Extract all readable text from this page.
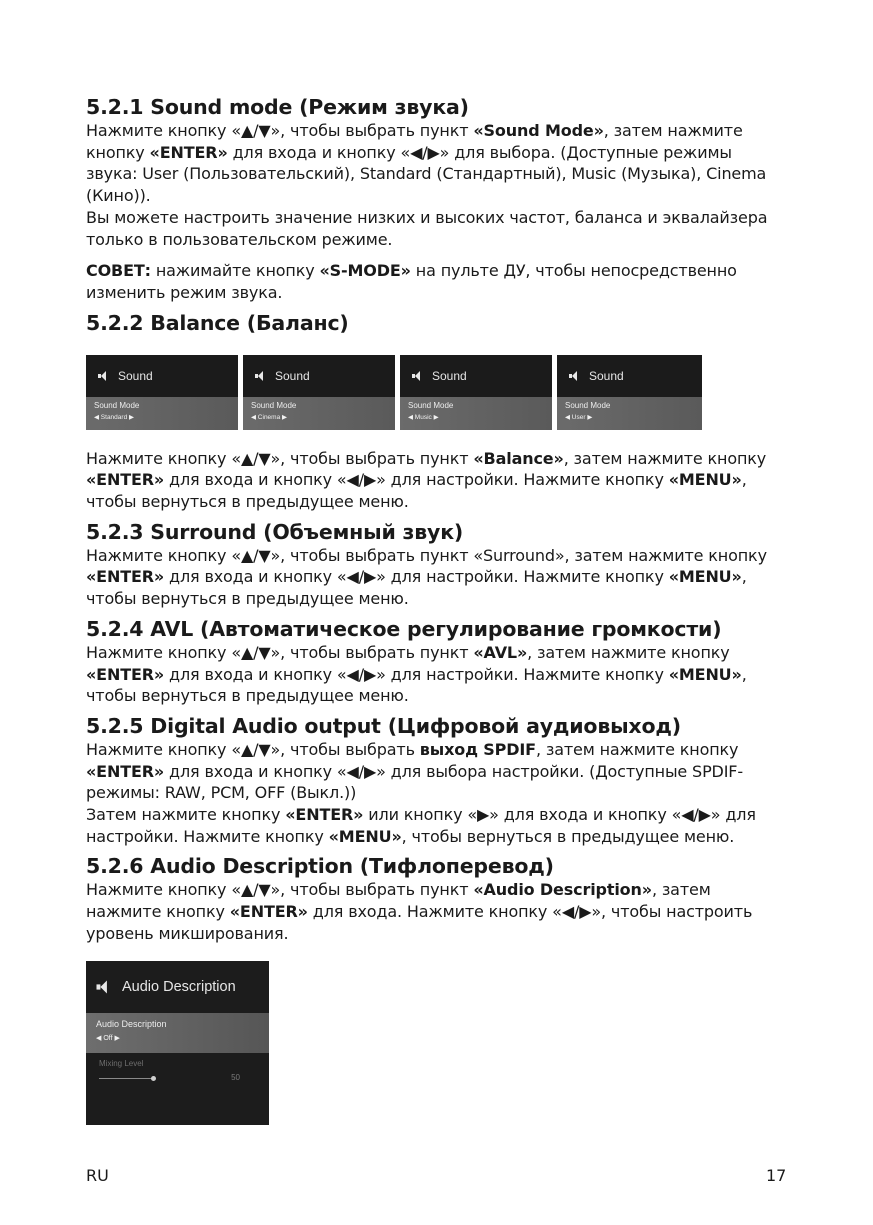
5.2.1 Sound mode (Режим звука)

Нажмите кнопку «▲/▼», чтобы выбрать пункт «Sound Mode», затем нажмите кнопку «ENTER» для входа и кнопку «◀/▶» для выбора. (Доступные режимы звука: User (Пользовательский), Standard (Стандартный), Music (Музыка), Cinema (Кино)).

Вы можете настроить значение низких и высоких частот, баланса и эквалайзера только в пользовательском режиме.

СОВЕТ: нажимайте кнопку «S-MODE» на пульте ДУ, чтобы непосредственно изменить режим звука.

5.2.2 Balance (Баланс)
Sound
Sound Mode
◀ Standard ▶
Sound
Sound Mode
◀ Cinema ▶
Sound
Sound Mode
◀ Music ▶
Sound
Sound Mode
◀ User ▶

Нажмите кнопку «▲/▼», чтобы выбрать пункт «Balance», затем нажмите кнопку «ENTER» для входа и кнопку «◀/▶» для настройки. Нажмите кнопку «MENU», чтобы вернуться в предыдущее меню.

5.2.3 Surround (Объемный звук)

Нажмите кнопку «▲/▼», чтобы выбрать пункт «Surround», затем нажмите кнопку «ENTER» для входа и кнопку «◀/▶» для настройки. Нажмите кнопку «MENU», чтобы вернуться в предыдущее меню.

5.2.4 AVL (Автоматическое регулирование громкости)

Нажмите кнопку «▲/▼», чтобы выбрать пункт «AVL», затем нажмите кнопку «ENTER» для входа и кнопку «◀/▶» для настройки. Нажмите кнопку «MENU», чтобы вернуться в предыдущее меню.

5.2.5 Digital Audio output (Цифровой аудиовыход)

Нажмите кнопку «▲/▼», чтобы выбрать выход SPDIF, затем нажмите кнопку «ENTER» для входа и кнопку «◀/▶» для выбора настройки. (Доступные SPDIF-режимы: RAW, PCM, OFF (Выкл.))

Затем нажмите кнопку «ENTER» или кнопку «▶» для входа и кнопку «◀/▶» для настройки. Нажмите кнопку «MENU», чтобы вернуться в предыдущее меню.

5.2.6 Audio Description (Тифлоперевод)

Нажмите кнопку «▲/▼», чтобы выбрать пункт «Audio Description», затем нажмите кнопку «ENTER» для входа. Нажмите кнопку «◀/▶», чтобы настроить уровень микширования.

Audio Description
Audio Description
◀ Off ▶
Mixing Level
50
RU	17
